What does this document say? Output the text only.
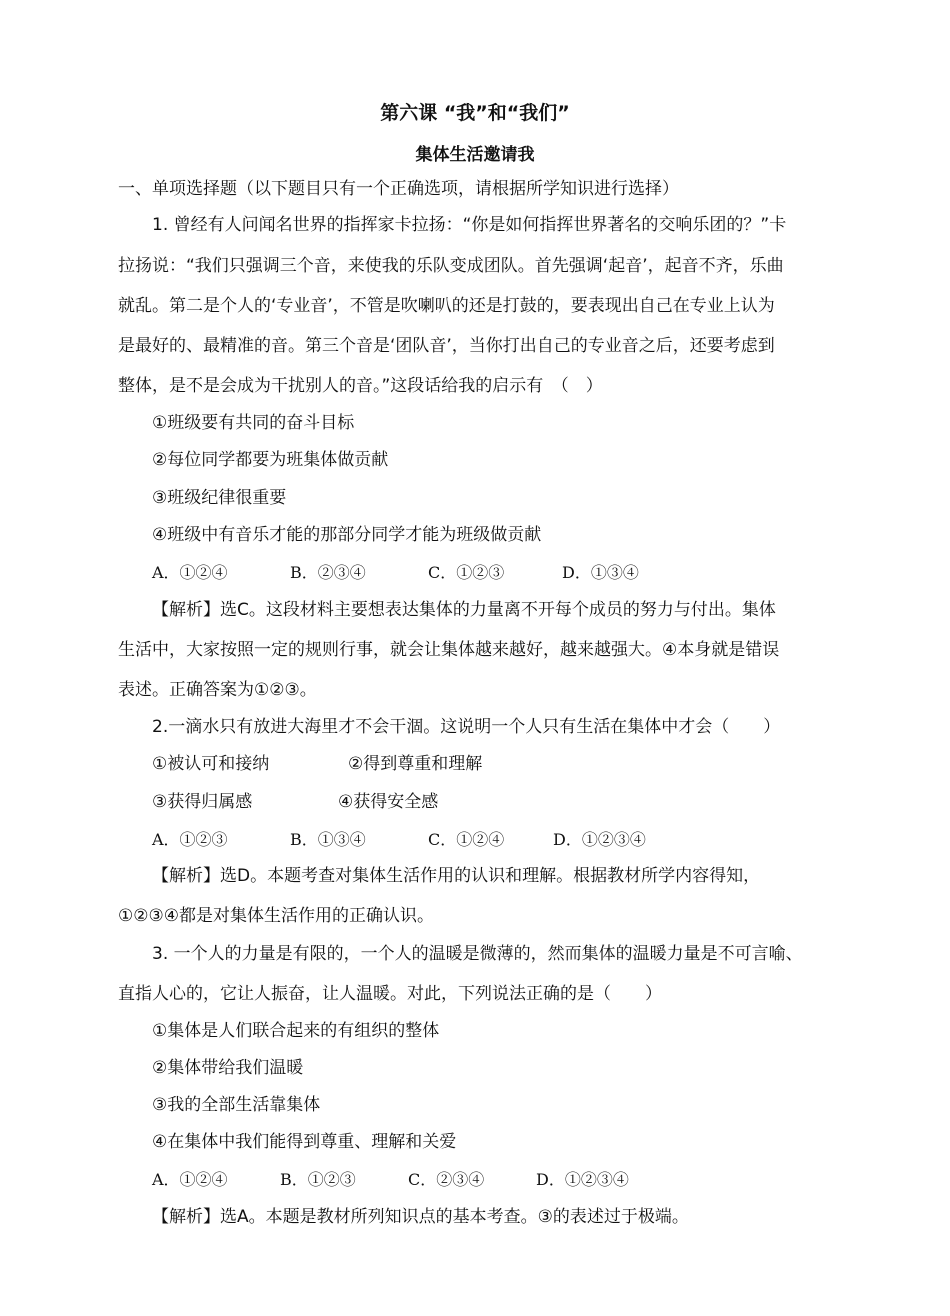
第六课 “我”和“我们”
集体生活邀请我
一、单项选择题（以下题目只有一个正确选项，请根据所学知识进行选择）
1. 曾经有人问闻名世界的指挥家卡拉扬：“你是如何指挥世界著名的交响乐团的？”卡
拉扬说：“我们只强调三个音，来使我的乐队变成团队。首先强调‘起音’，起音不齐，乐曲
就乱。第二是个人的‘专业音’，不管是吹喇叭的还是打鼓的，要表现出自己在专业上认为
是最好的、最精准的音。第三个音是‘团队音’，当你打出自己的专业音之后，还要考虑到
整体，是不是会成为干扰别人的音。”这段话给我的启示有　（　）
①班级要有共同的奋斗目标
②每位同学都要为班集体做贡献
③班级纪律很重要
④班级中有音乐才能的那部分同学才能为班级做贡献
A．①②④	B．②③④	C．①②③	D．①③④
【解析】选C。这段材料主要想表达集体的力量离不开每个成员的努力与付出。集体
生活中，大家按照一定的规则行事，就会让集体越来越好，越来越强大。④本身就是错误
表述。正确答案为①②③。
2.一滴水只有放进大海里才不会干涸。这说明一个人只有生活在集体中才会（　　）
①被认可和接纳	②得到尊重和理解
③获得归属感	④获得安全感
A．①②③	B．①③④	C．①②④	D．①②③④
【解析】选D。本题考查对集体生活作用的认识和理解。根据教材所学内容得知，
①②③④都是对集体生活作用的正确认识。
3. 一个人的力量是有限的，一个人的温暖是微薄的，然而集体的温暖力量是不可言喻、
直指人心的，它让人振奋，让人温暖。对此，下列说法正确的是（　　）
①集体是人们联合起来的有组织的整体
②集体带给我们温暖
③我的全部生活靠集体
④在集体中我们能得到尊重、理解和关爱
A．①②④	B．①②③	C．②③④	D．①②③④
【解析】选A。本题是教材所列知识点的基本考查。③的表述过于极端。
